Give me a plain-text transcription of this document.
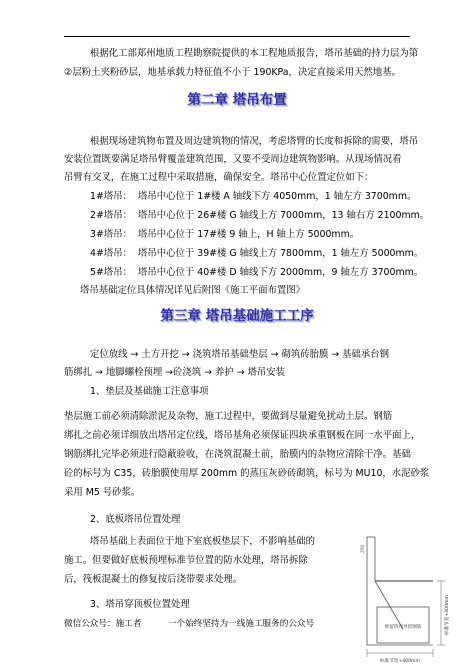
根据化工部郑州地质工程勘察院提供的本工程地质报告，塔吊基础的持力层为第
②层粉土夹粉砂层，地基承载力特征值不小于 190KPa，决定直接采用天然地基。
第二章 塔吊布置
根据现场建筑物布置及周边建筑物的情况，考虑塔臂的长度和拆除的需要，塔吊
安装位置既要满足塔吊臂覆盖建筑范围，又要不受周边建筑物影响。从现场情况看
吊臂有交叉，在施工过程中采取措施，确保安全。塔吊中心位置定位如下：
1#塔吊： 塔吊中心位于 1#楼 A 轴线下方 4050mm，1 轴左方 3700mm。
2#塔吊： 塔吊中心位于 26#楼 G 轴线上方 7000mm，13 轴右方 2100mm。
3#塔吊： 塔吊中心位于 17#楼 9 轴上，H 轴上方 5000mm。
4#塔吊： 塔吊中心位于 39#楼 G 轴线上方 7800mm，1 轴左方 5000mm。
5#塔吊： 塔吊中心位于 40#楼 D 轴线下方 2000mm，9 轴左方 3700mm。
塔吊基础定位具体情况详见后附图《施工平面布置图》
第三章 塔吊基础施工工序
定位放线 → 土方开挖 → 浇筑塔吊基础垫层 → 砌筑砖胎膜 → 基础承台钢
筋绑扎 → 地脚螺栓预埋 →砼浇筑 → 养护 → 塔吊安装
1、垫层及基础施工注意事项
垫层施工前必须清除淤泥及杂物，施工过程中，要做到尽量避免扰动土层。钢筋
绑扎之前必须详细放出塔吊定位线，塔吊基角必须保证四块承重钢板在同一水平面上，
钢筋绑扎完毕必须进行隐蔽验收，在浇筑混凝土前，胎膜内的杂物应清除干净。基础
砼的标号为 C35，砖胎膜使用厚 200mm 的蒸压灰砂砖砌筑，标号为 MU10，水泥砂浆
采用 M5 号砂浆。
2、底板塔吊位置处理
塔吊基础上表面位于地下室底板垫层下，不影响基础的
施工。但要做好底板预埋标准节位置的防水处理，塔吊拆除
后，筏板混凝土的修复按后浇带要求处理。
3、塔吊穿顶板位置处理
微信公众号：施工者	一个始终坚持为一线施工服务的公众号	预留四周导留钢筋	标准节宽+400mm
标准节宽+400mm
250
